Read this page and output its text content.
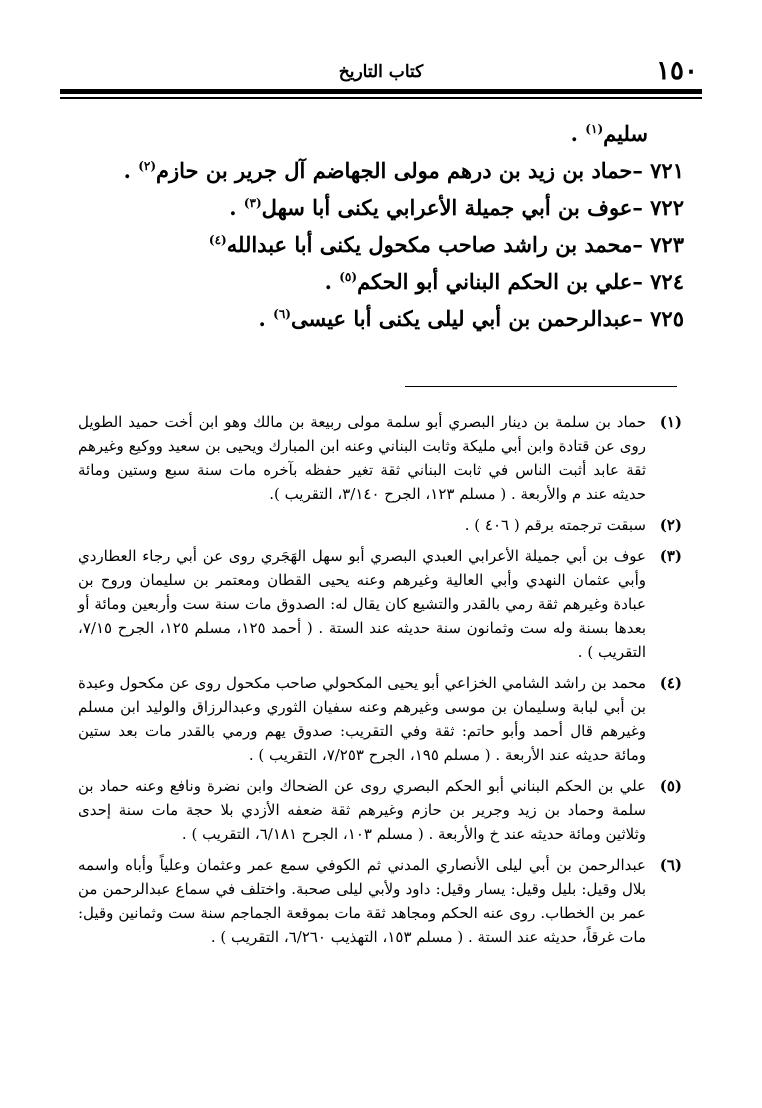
١٥٠
كتاب التاريخ
سليم$^{(١)}$ .
٧٢١ –حماد بن زيد بن درهم مولى الجهاضم آل جرير بن حازم$^{(٢)}$ .
٧٢٢ –عوف بن أبي جميلة الأعرابي يكنى أبا سهل$^{(٣)}$ .
٧٢٣ –محمد بن راشد صاحب مكحول يكنى أبا عبدالله$^{(٤)}$
٧٢٤ –علي بن الحكم البناني أبو الحكم$^{(٥)}$ .
٧٢٥ –عبدالرحمن بن أبي ليلى يكنى أبا عيسى$^{(٦)}$ .
(١)
حماد بن سلمة بن دينار البصري أبو سلمة مولى ربيعة بن مالك وهو ابن أخت حميد الطويل روى عن قتادة وابن أبي مليكة وثابت البناني وعنه ابن المبارك ويحيى بن سعيد ووكيع وغيرهم ثقة عابد أثبت الناس في ثابت البناني ثقة تغير حفظه بآخره مات سنة سبع وستين ومائة حديثه عند م والأربعة . ( مسلم ١٢٣، الجرح ٣/١٤٠، التقريب ).
(٢)
سبقت ترجمته برقم ( ٤٠٦ ) .
(٣)
عوف بن أبي جميلة الأعرابي العبدي البصري أبو سهل الهَجَري روى عن أبي رجاء العطاردي وأبي عثمان النهدي وأبي العالية وغيرهم وعنه يحيى القطان ومعتمر بن سليمان وروح بن عبادة وغيرهم ثقة رمي بالقدر والتشيع كان يقال له: الصدوق مات سنة ست وأربعين ومائة أو بعدها بسنة وله ست وثمانون سنة حديثه عند الستة . ( أحمد ١٢٥، مسلم ١٢٥، الجرح ٧/١٥، التقريب ) .
(٤)
محمد بن راشد الشامي الخزاعي أبو يحيى المكحولي صاحب مكحول روى عن مكحول وعبدة بن أبي لبابة وسليمان بن موسى وغيرهم وعنه سفيان الثوري وعبدالرزاق والوليد ابن مسلم وغيرهم قال أحمد وأبو حاتم: ثقة وفي التقريب: صدوق يهم ورمي بالقدر مات بعد ستين ومائة حديثه عند الأربعة . ( مسلم ١٩٥، الجرح ٧/٢٥٣، التقريب ) .
(٥)
علي بن الحكم البناني أبو الحكم البصري روى عن الضحاك وابن نضرة ونافع وعنه حماد بن سلمة وحماد بن زيد وجرير بن حازم وغيرهم ثقة ضعفه الأزدي بلا حجة مات سنة إحدى وثلاثين ومائة حديثه عند خ والأربعة . ( مسلم ١٠٣، الجرح ٦/١٨١، التقريب ) .
(٦)
عبدالرحمن بن أبي ليلى الأنصاري المدني ثم الكوفي سمع عمر وعثمان وعلياً وأباه واسمه بلال وقيل: بليل وقيل: يسار وقيل: داود ولأبي ليلى صحبة. واختلف في سماع عبدالرحمن من عمر بن الخطاب. روى عنه الحكم ومجاهد ثقة مات بموقعة الجماجم سنة ست وثمانين وقيل: مات غرقاً، حديثه عند الستة . ( مسلم ١٥٣، التهذيب ٦/٢٦٠، التقريب ) .
